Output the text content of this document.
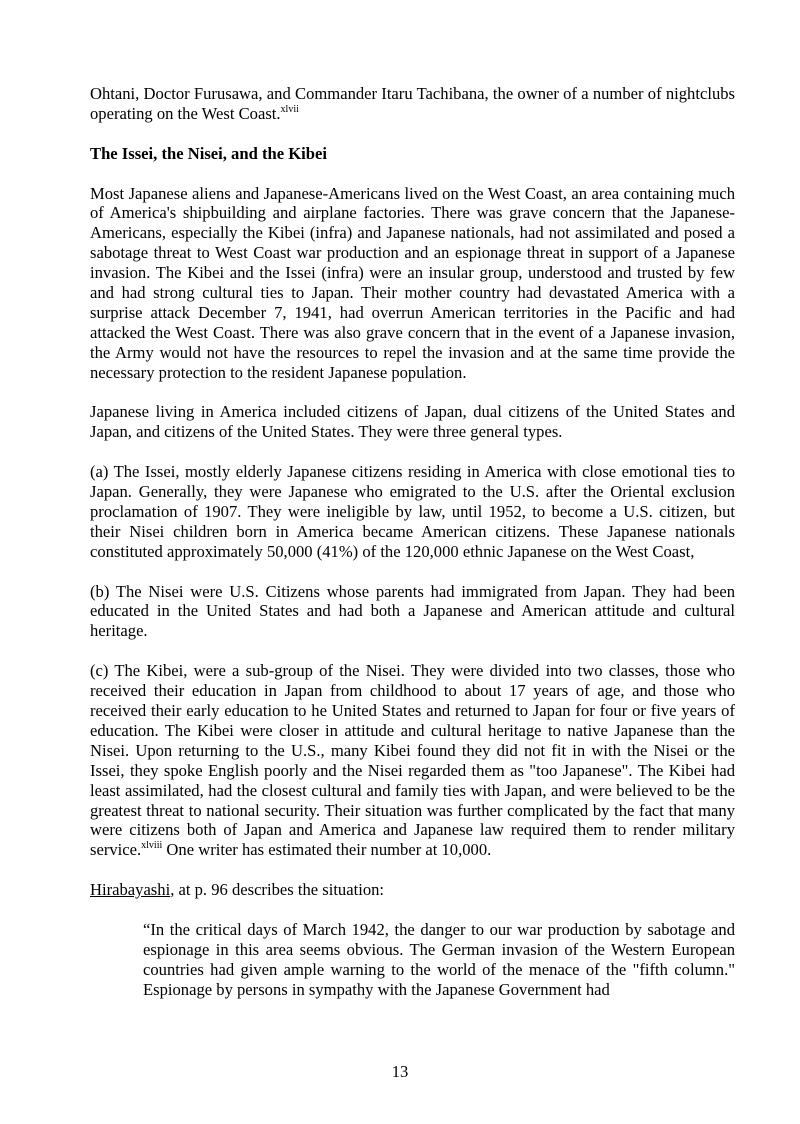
Ohtani, Doctor Furusawa, and Commander Itaru Tachibana, the owner of a number of nightclubs operating on the West Coast.$^{xlvii}$

The Issei, the Nisei, and the Kibei

Most Japanese aliens and Japanese-Americans lived on the West Coast, an area containing much of America's shipbuilding and airplane factories. There was grave concern that the Japanese-Americans, especially the Kibei (infra) and Japanese nationals, had not assimilated and posed a sabotage threat to West Coast war production and an espionage threat in support of a Japanese invasion. The Kibei and the Issei (infra) were an insular group, understood and trusted by few and had strong cultural ties to Japan. Their mother country had devastated America with a surprise attack December 7, 1941, had overrun American territories in the Pacific and had attacked the West Coast. There was also grave concern that in the event of a Japanese invasion, the Army would not have the resources to repel the invasion and at the same time provide the necessary protection to the resident Japanese population.

Japanese living in America included citizens of Japan, dual citizens of the United States and Japan, and citizens of the United States. They were three general types.

(a) The Issei, mostly elderly Japanese citizens residing in America with close emotional ties to Japan. Generally, they were Japanese who emigrated to the U.S. after the Oriental exclusion proclamation of 1907. They were ineligible by law, until 1952, to become a U.S. citizen, but their Nisei children born in America became American citizens. These Japanese nationals constituted approximately 50,000 (41%) of the 120,000 ethnic Japanese on the West Coast,

(b) The Nisei were U.S. Citizens whose parents had immigrated from Japan. They had been educated in the United States and had both a Japanese and American attitude and cultural heritage.

(c) The Kibei, were a sub-group of the Nisei. They were divided into two classes, those who received their education in Japan from childhood to about 17 years of age, and those who received their early education to he United States and returned to Japan for four or five years of education. The Kibei were closer in attitude and cultural heritage to native Japanese than the Nisei. Upon returning to the U.S., many Kibei found they did not fit in with the Nisei or the Issei, they spoke English poorly and the Nisei regarded them as "too Japanese". The Kibei had least assimilated, had the closest cultural and family ties with Japan, and were believed to be the greatest threat to national security. Their situation was further complicated by the fact that many were citizens both of Japan and America and Japanese law required them to render military service.$^{xlviii}$ One writer has estimated their number at 10,000.

Hirabayashi, at p. 96 describes the situation:

“In the critical days of March 1942, the danger to our war production by sabotage and espionage in this area seems obvious. The German invasion of the Western European countries had given ample warning to the world of the menace of the "fifth column." Espionage by persons in sympathy with the Japanese Government had

13
